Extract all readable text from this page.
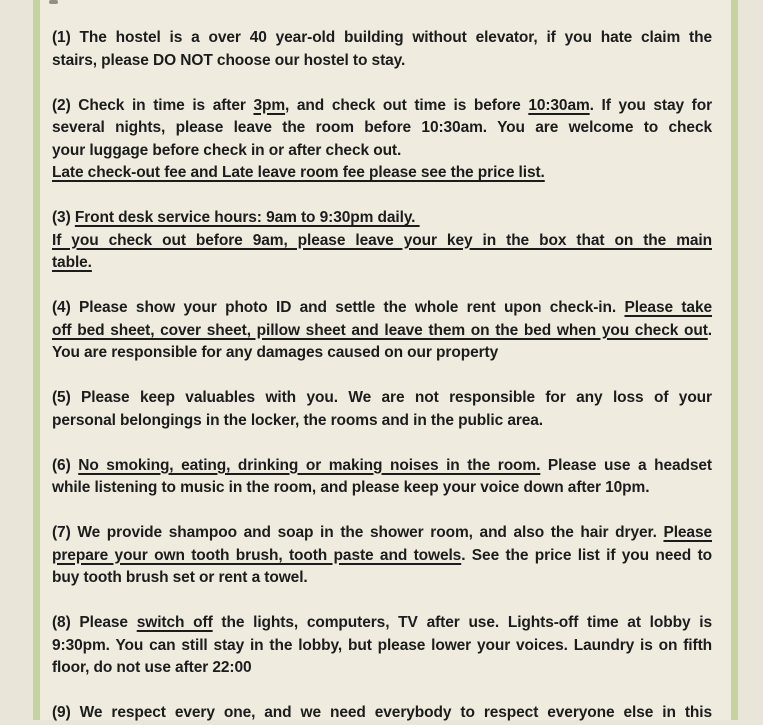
(1) The hostel is a over 40 year-old building without elevator, if you hate claim the
stairs, please DO NOT choose our hostel to stay.
(2) Check in time is after 3pm, and check out time is before 10:30am. If you stay for
several nights, please leave the room before 10:30am. You are welcome to check
your luggage before check in or after check out.
Late check-out fee and Late leave room fee please see the price list.
(3) Front desk service hours: 9am to 9:30pm daily.
If you check out before 9am, please leave your key in the box that on the main
table.
(4) Please show your photo ID and settle the whole rent upon check-in. Please take
off bed sheet, cover sheet, pillow sheet and leave them on the bed when you check out.
You are responsible for any damages caused on our property
(5) Please keep valuables with you. We are not responsible for any loss of your
personal belongings in the locker, the rooms and in the public area.
(6) No smoking, eating, drinking or making noises in the room. Please use a headset
while listening to music in the room, and please keep your voice down after 10pm.
(7) We provide shampoo and soap in the shower room, and also the hair dryer. Please
prepare your own tooth brush, tooth paste and towels. See the price list if you need to
buy tooth brush set or rent a towel.
(8) Please switch off the lights, computers, TV after use. Lights-off time at lobby is
9:30pm. You can still stay in the lobby, but please lower your voices. Laundry is on fifth
floor, do not use after 22:00
(9) We respect every one, and we need everybody to respect everyone else in this
